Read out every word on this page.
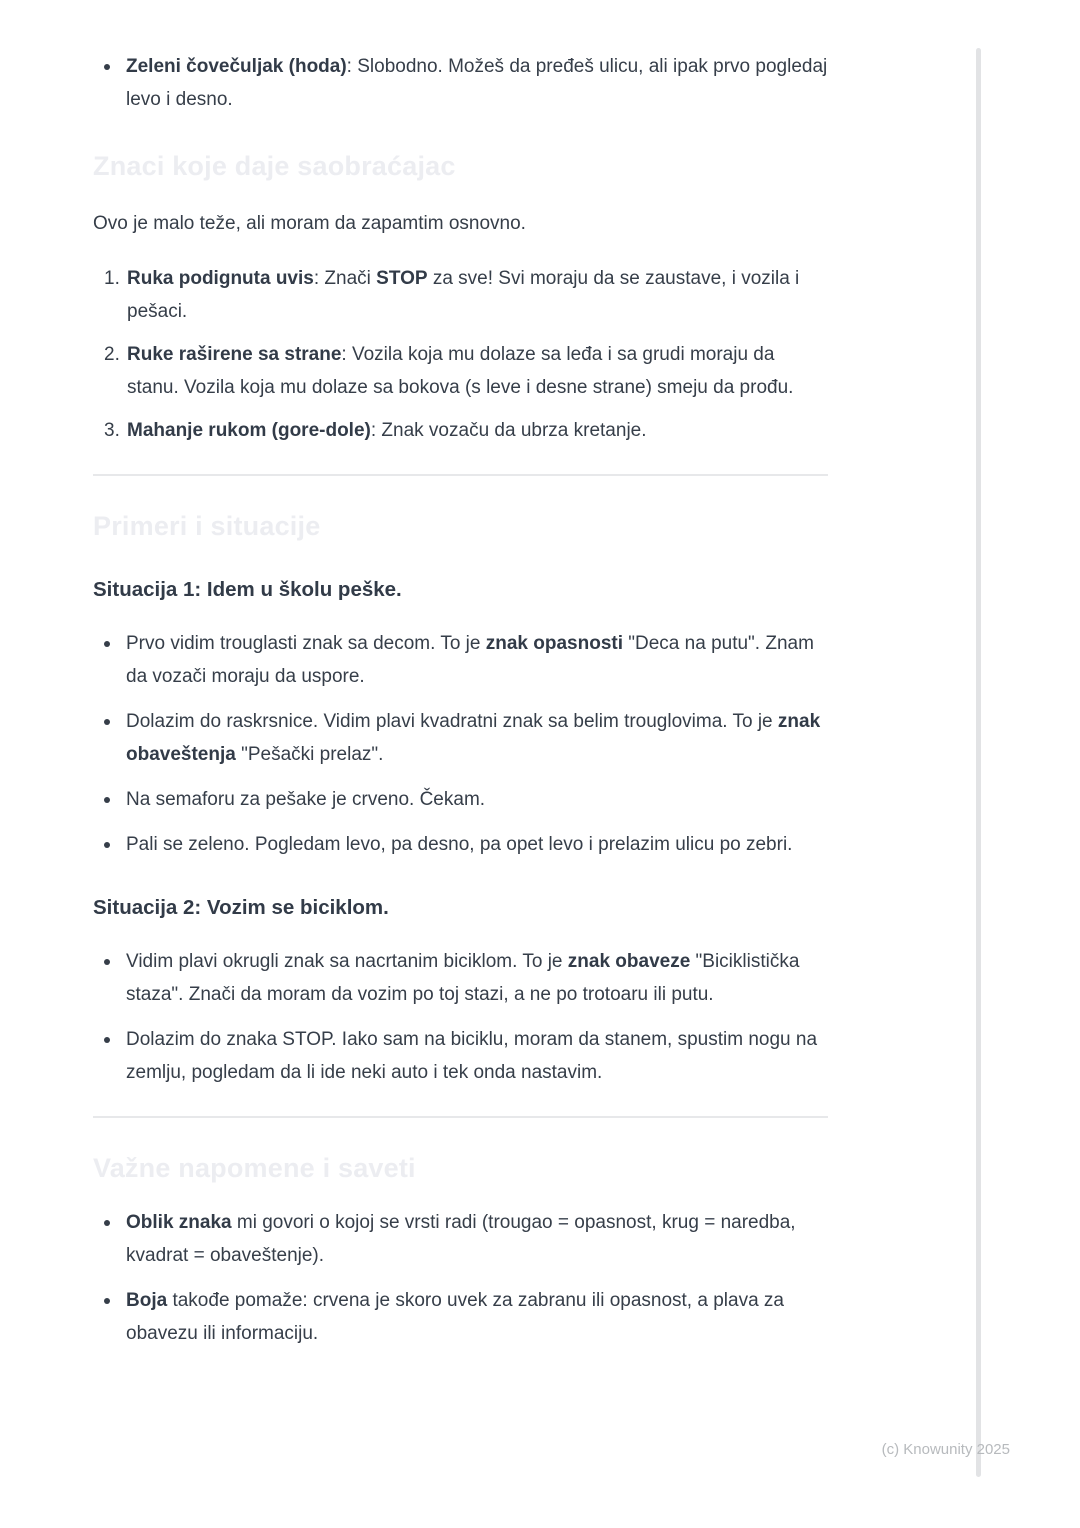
Zeleni čovečuljak (hoda): Slobodno. Možeš da pređeš ulicu, ali ipak prvo pogledaj levo i desno.
Znaci koje daje saobraćajac

Ovo je malo teže, ali moram da zapamtim osnovno.

Ruka podignuta uvis: Znači STOP za sve! Svi moraju da se zaustave, i vozila i pešaci.
Ruke raširene sa strane: Vozila koja mu dolaze sa leđa i sa grudi moraju da stanu. Vozila koja mu dolaze sa bokova (s leve i desne strane) smeju da prođu.
Mahanje rukom (gore-dole): Znak vozaču da ubrza kretanje.
Primeri i situacije
Situacija 1: Idem u školu peške.
Prvo vidim trouglasti znak sa decom. To je znak opasnosti "Deca na putu". Znam da vozači moraju da uspore.
Dolazim do raskrsnice. Vidim plavi kvadratni znak sa belim trouglovima. To je znak obaveštenja "Pešački prelaz".
Na semaforu za pešake je crveno. Čekam.
Pali se zeleno. Pogledam levo, pa desno, pa opet levo i prelazim ulicu po zebri.
Situacija 2: Vozim se biciklom.
Vidim plavi okrugli znak sa nacrtanim biciklom. To je znak obaveze "Biciklistička staza". Znači da moram da vozim po toj stazi, a ne po trotoaru ili putu.
Dolazim do znaka STOP. Iako sam na biciklu, moram da stanem, spustim nogu na zemlju, pogledam da li ide neki auto i tek onda nastavim.
Važne napomene i saveti
Oblik znaka mi govori o kojoj se vrsti radi (trougao = opasnost, krug = naredba, kvadrat = obaveštenje).
Boja takođe pomaže: crvena je skoro uvek za zabranu ili opasnost, a plava za obavezu ili informaciju.
(c) Knowunity 2025
